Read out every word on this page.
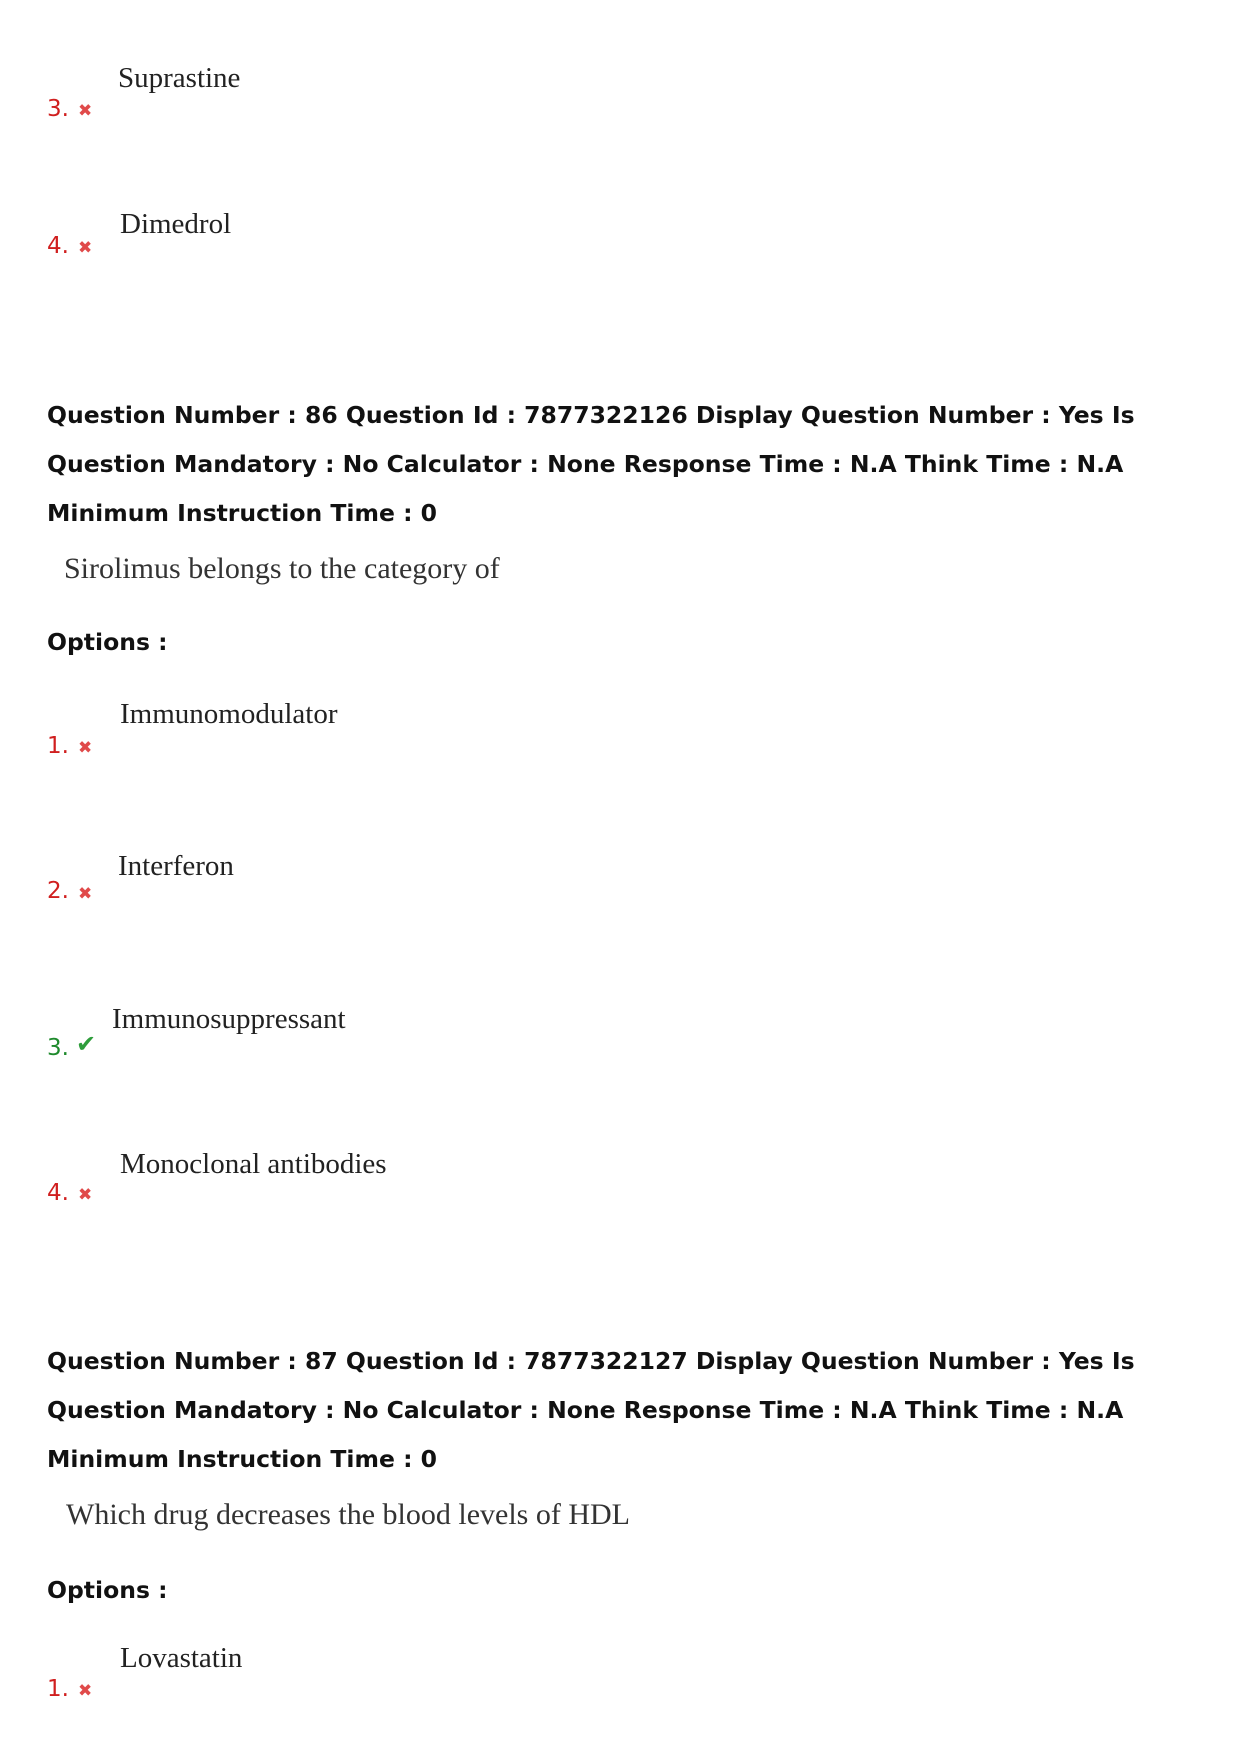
Suprastine
3. ✖
Dimedrol
4. ✖
Question Number : 86 Question Id : 7877322126 Display Question Number : Yes Is Question Mandatory : No Calculator : None Response Time : N.A Think Time : N.A Minimum Instruction Time : 0
Sirolimus belongs to the category of
Options :
Immunomodulator
1. ✖
Interferon
2. ✖
Immunosuppressant
3. ✔
Monoclonal antibodies
4. ✖
Question Number : 87 Question Id : 7877322127 Display Question Number : Yes Is Question Mandatory : No Calculator : None Response Time : N.A Think Time : N.A Minimum Instruction Time : 0
Which drug decreases the blood levels of HDL
Options :
Lovastatin
1. ✖
